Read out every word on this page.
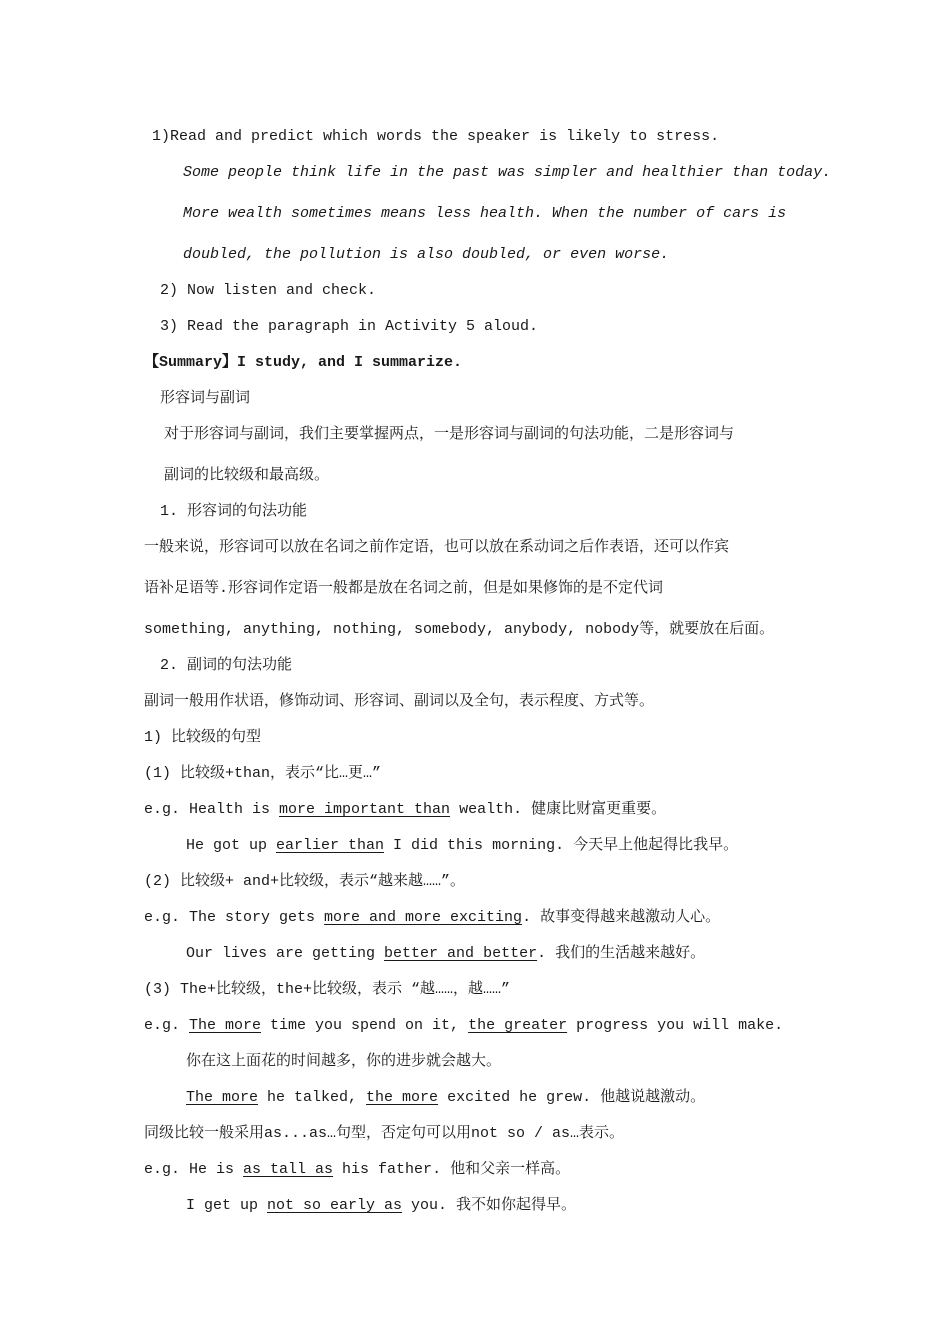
1)Read and predict which words the speaker is likely to stress.
Some people think life in the past was simpler and healthier than today.
More wealth sometimes means less health. When the number of cars is
doubled, the pollution is also doubled, or even worse.
2) Now listen and check.
3) Read the paragraph in Activity 5 aloud.
【Summary】I study, and I summarize.
形容词与副词
对于形容词与副词，我们主要掌握两点，一是形容词与副词的句法功能，二是形容词与
副词的比较级和最高级。
1. 形容词的句法功能
一般来说，形容词可以放在名词之前作定语，也可以放在系动词之后作表语，还可以作宾
语补足语等.形容词作定语一般都是放在名词之前，但是如果修饰的是不定代词
something, anything, nothing, somebody, anybody, nobody等，就要放在后面。
2. 副词的句法功能
副词一般用作状语，修饰动词、形容词、副词以及全句，表示程度、方式等。
1) 比较级的句型
(1) 比较级+than，表示“比…更…”
e.g. Health is more important than wealth. 健康比财富更重要。
He got up earlier than I did this morning. 今天早上他起得比我早。
(2) 比较级+ and+比较级，表示“越来越……”。
e.g. The story gets more and more exciting. 故事变得越来越激动人心。
Our lives are getting better and better. 我们的生活越来越好。
(3) The+比较级，the+比较级，表示 “越……，越……”
e.g. The more time you spend on it, the greater progress you will make.
你在这上面花的时间越多，你的进步就会越大。
The more he talked, the more excited he grew. 他越说越激动。
同级比较一般采用as...as…句型，否定句可以用not so / as…表示。
e.g. He is as tall as his father. 他和父亲一样高。
I get up not so early as you. 我不如你起得早。
